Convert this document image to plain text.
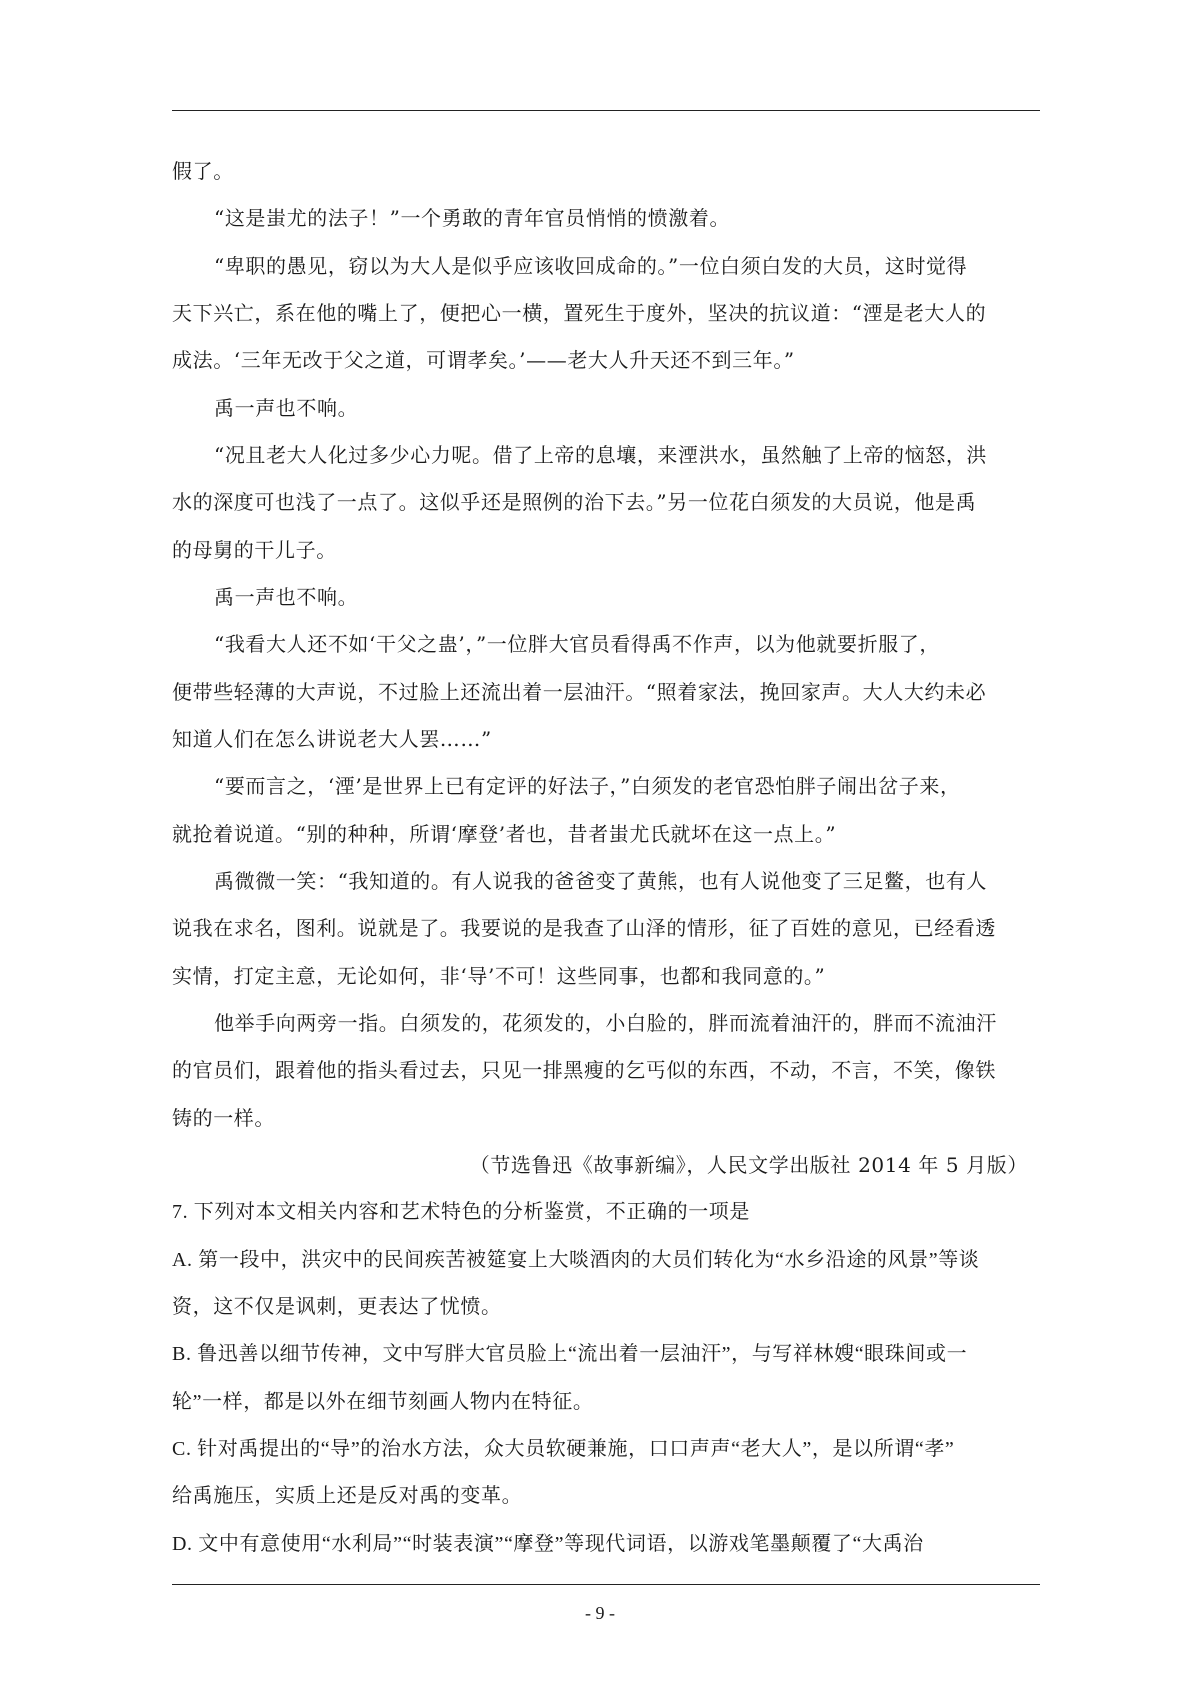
假了。
“这是蚩尤的法子！”一个勇敢的青年官员悄悄的愤激着。
“卑职的愚见，窃以为大人是似乎应该收回成命的。”一位白须白发的大员，这时觉得
天下兴亡，系在他的嘴上了，便把心一横，置死生于度外，坚决的抗议道：“湮是老大人的
成法。‘三年无改于父之道，可谓孝矣。’——老大人升天还不到三年。”
禹一声也不响。
“况且老大人化过多少心力呢。借了上帝的息壤，来湮洪水，虽然触了上帝的恼怒，洪
水的深度可也浅了一点了。这似乎还是照例的治下去。”另一位花白须发的大员说，他是禹
的母舅的干儿子。
禹一声也不响。
“我看大人还不如‘干父之蛊’，”一位胖大官员看得禹不作声，以为他就要折服了，
便带些轻薄的大声说，不过脸上还流出着一层油汗。“照着家法，挽回家声。大人大约未必
知道人们在怎么讲说老大人罢……”
“要而言之，‘湮’是世界上已有定评的好法子，”白须发的老官恐怕胖子闹出岔子来，
就抢着说道。“别的种种，所谓‘摩登’者也，昔者蚩尤氏就坏在这一点上。”
禹微微一笑：“我知道的。有人说我的爸爸变了黄熊，也有人说他变了三足鳖，也有人
说我在求名，图利。说就是了。我要说的是我查了山泽的情形，征了百姓的意见，已经看透
实情，打定主意，无论如何，非‘导’不可！这些同事，也都和我同意的。”
他举手向两旁一指。白须发的，花须发的，小白脸的，胖而流着油汗的，胖而不流油汗
的官员们，跟着他的指头看过去，只见一排黑瘦的乞丐似的东西，不动，不言，不笑，像铁
铸的一样。
（节选鲁迅《故事新编》，人民文学出版社 2014 年 5 月版）
7. 下列对本文相关内容和艺术特色的分析鉴赏，不正确的一项是
A. 第一段中，洪灾中的民间疾苦被筵宴上大啖酒肉的大员们转化为“水乡沿途的风景”等谈
资，这不仅是讽刺，更表达了忧愤。
B. 鲁迅善以细节传神，文中写胖大官员脸上“流出着一层油汗”，与写祥林嫂“眼珠间或一
轮”一样，都是以外在细节刻画人物内在特征。
C. 针对禹提出的“导”的治水方法，众大员软硬兼施，口口声声“老大人”，是以所谓“孝”
给禹施压，实质上还是反对禹的变革。
D. 文中有意使用“水利局”“时装表演”“摩登”等现代词语，以游戏笔墨颠覆了“大禹治
- 9 -
